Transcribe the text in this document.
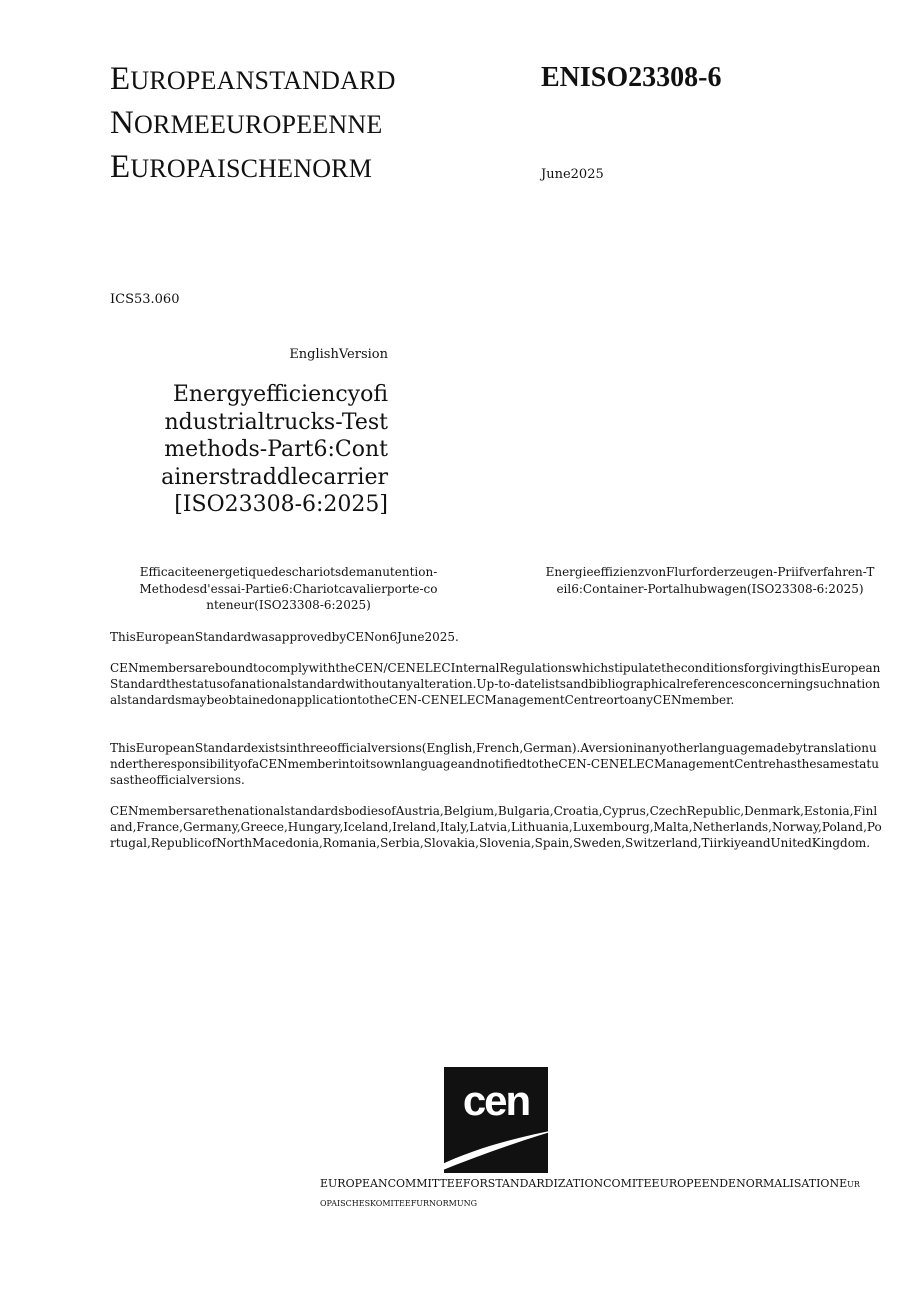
EUROPEANSTANDARD
NORMEEUROPEENNE
EUROPAISCHENORM
ENISO23308-6
June2025
ICS53.060
EnglishVersion
Energyefficiencyofindustrialtrucks-Testmethods-Part6:Containerstraddlecarrier[ISO23308-6:2025]
Efficaciteenergetiquedeschariotsdemanutention-Methodesd'essai-Partie6:Chariotcavalierporte-conteneur(ISO23308-6:2025)
EnergieeffizienzvonFlurforderzeugen-Priifverfahren-Teil6:Container-Portalhubwagen(ISO23308-6:2025)
ThisEuropeanStandardwasapprovedbyCENon6June2025.
CENmembersareboundtocomplywiththeCEN/CENELECInternalRegulationswhichstipulatetheconditionsforgivingthisEuropeanStandardthestatusofanationalstandardwithoutanyalteration.Up-to-datelistsandbibliographicalreferencesconcerningsuchnationalstandardsmaybeobtainedonapplicationtotheCEN-CENELECManagementCentreortoanyCENmember.
ThisEuropeanStandardexistsinthreeofficialversions(English,French,German).AversioninanyotherlanguagemadebytranslationundertheresponsibilityofaCENmemberintoitsownlanguageandnotifiedtotheCEN-CENELECManagementCentrehasthesamestatusastheofficialversions.
CENmembersarethenationalstandardsbodiesofAustria,Belgium,Bulgaria,Croatia,Cyprus,CzechRepublic,Denmark,Estonia,Finland,France,Germany,Greece,Hungary,Iceland,Ireland,Italy,Latvia,Lithuania,Luxembourg,Malta,Netherlands,Norway,Poland,Portugal,RepublicofNorthMacedonia,Romania,Serbia,Slovakia,Slovenia,Spain,Sweden,Switzerland,TiirkiyeandUnitedKingdom.
cen
EUROPEANCOMMITTEEFORSTANDARDIZATIONCOMITEEUROPEENDENORMALISATIONEuropaischeskomiteefurnormung
